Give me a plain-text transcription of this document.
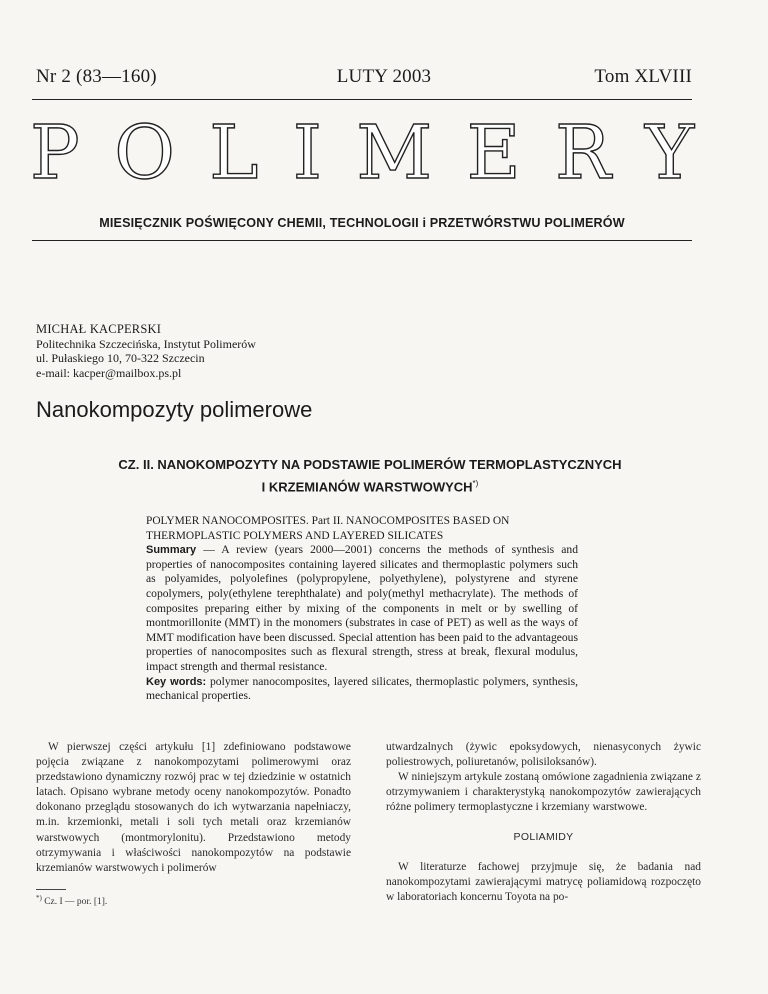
Nr 2 (83—160)	LUTY 2003	Tom XLVIII
P O L I M E R Y
MIESIĘCZNIK POŚWIĘCONY CHEMII, TECHNOLOGII i PRZETWÓRSTWU POLIMERÓW
MICHAŁ KACPERSKI
Politechnika Szczecińska, Instytut Polimerów
ul. Pułaskiego 10, 70-322 Szczecin
e-mail: kacper@mailbox.ps.pl
Nanokompozyty polimerowe
CZ. II. NANOKOMPOZYTY NA PODSTAWIE POLIMERÓW TERMOPLASTYCZNYCH
I KRZEMIANÓW WARSTWOWYCH*)
POLYMER NANOCOMPOSITES. Part II. NANOCOMPOSITES BASED ON THERMOPLASTIC POLYMERS AND LAYERED SILICATES
Summary — A review (years 2000—2001) concerns the methods of synthesis and properties of nanocomposites containing layered silicates and thermoplastic polymers such as polyamides, polyolefines (polypropylene, polyethylene), polystyrene and styrene copolymers, poly(ethylene terephthalate) and poly(methyl methacrylate). The methods of composites preparing either by mixing of the components in melt or by swelling of montmorillonite (MMT) in the monomers (substrates in case of PET) as well as the ways of MMT modification have been discussed. Special attention has been paid to the advantageous properties of nanocomposites such as flexural strength, stress at break, flexural modulus, impact strength and thermal resistance.
Key words: polymer nanocomposites, layered silicates, thermoplastic polymers, synthesis, mechanical properties.

W pierwszej części artykułu [1] zdefiniowano podstawowe pojęcia związane z nanokompozytami polimerowymi oraz przedstawiono dynamiczny rozwój prac w tej dziedzinie w ostatnich latach. Opisano wybrane metody oceny nanokompozytów. Ponadto dokonano przeglądu stosowanych do ich wytwarzania napełniaczy, m.in. krzemionki, metali i soli tych metali oraz krzemianów warstwowych (montmorylonitu). Przedstawiono metody otrzymywania i właściwości nanokompozytów na podstawie krzemianów warstwowych i polimerów

utwardzalnych (żywic epoksydowych, nienasyconych żywic poliestrowych, poliuretanów, polisiloksanów).

W niniejszym artykule zostaną omówione zagadnienia związane z otrzymywaniem i charakterystyką nanokompozytów zawierających różne polimery termoplastyczne i krzemiany warstwowe.

POLIAMIDY

W literaturze fachowej przyjmuje się, że badania nad nanokompozytami zawierającymi matrycę poliamidową rozpoczęto w laboratoriach koncernu Toyota na po-

*) Cz. I — por. [1].
